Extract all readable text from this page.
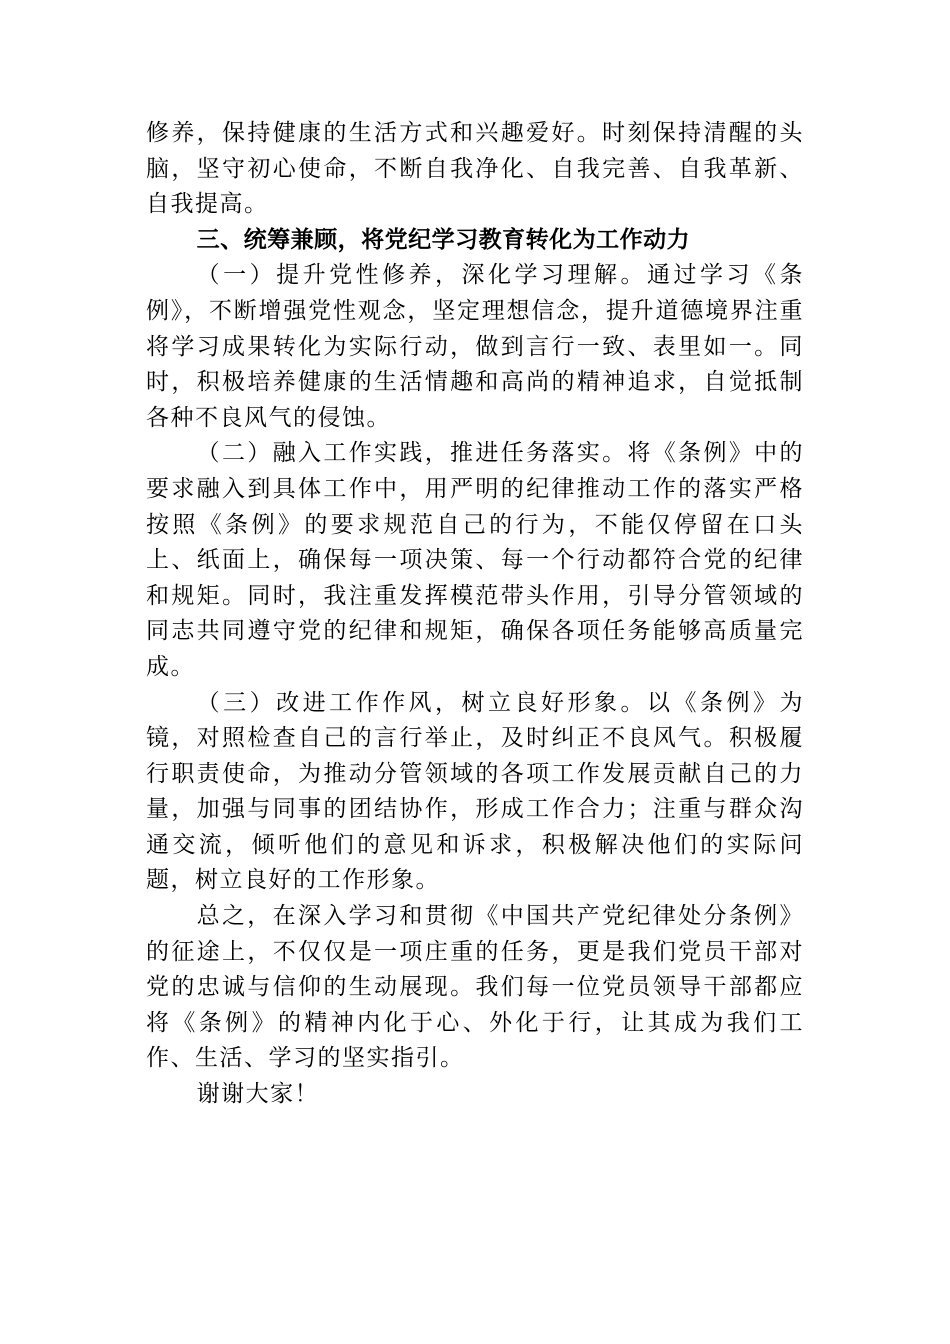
修养，保持健康的生活方式和兴趣爱好。时刻保持清醒的头脑，坚守初心使命，不断自我净化、自我完善、自我革新、自我提高。

三、统筹兼顾，将党纪学习教育转化为工作动力

（一）提升党性修养，深化学习理解。通过学习《条例》，不断增强党性观念，坚定理想信念，提升道德境界注重将学习成果转化为实际行动，做到言行一致、表里如一。同时，积极培养健康的生活情趣和高尚的精神追求，自觉抵制各种不良风气的侵蚀。

（二）融入工作实践，推进任务落实。将《条例》中的要求融入到具体工作中，用严明的纪律推动工作的落实严格按照《条例》的要求规范自己的行为，不能仅停留在口头上、纸面上，确保每一项决策、每一个行动都符合党的纪律和规矩。同时，我注重发挥模范带头作用，引导分管领域的同志共同遵守党的纪律和规矩，确保各项任务能够高质量完成。

（三）改进工作作风，树立良好形象。以《条例》为镜，对照检查自己的言行举止，及时纠正不良风气。积极履行职责使命，为推动分管领域的各项工作发展贡献自己的力量，加强与同事的团结协作，形成工作合力；注重与群众沟通交流，倾听他们的意见和诉求，积极解决他们的实际问题，树立良好的工作形象。

总之，在深入学习和贯彻《中国共产党纪律处分条例》的征途上，不仅仅是一项庄重的任务，更是我们党员干部对党的忠诚与信仰的生动展现。我们每一位党员领导干部都应将《条例》的精神内化于心、外化于行，让其成为我们工作、生活、学习的坚实指引。

谢谢大家！
